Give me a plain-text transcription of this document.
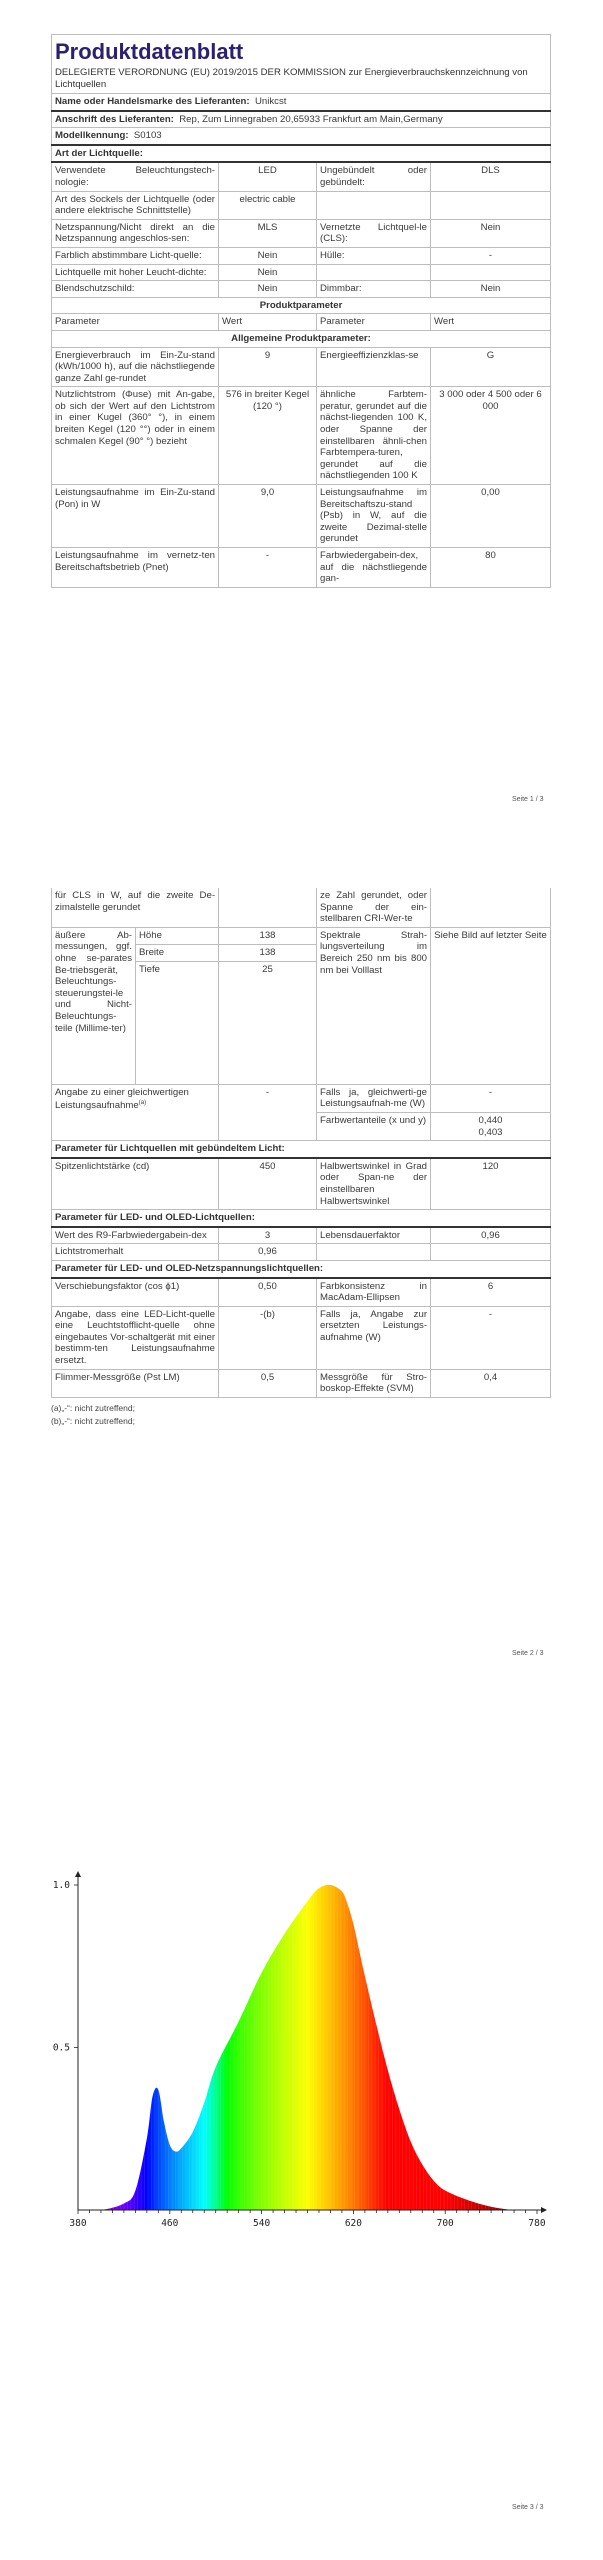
Produktdatenblatt
DELEGIERTE VERORDNUNG (EU) 2019/2015 DER KOMMISSION zur Energieverbrauchskennzeichnung von Lichtquellen			

Name oder Handelsmarke des Lieferanten: Unikcst			
Anschrift des Lieferanten: Rep, Zum Linnegraben 20,65933 Frankfurt am Main,Germany			
Modellkennung: S0103			
Art der Lichtquelle:			
Verwendete Beleuchtungstech-nologie:	LED	Ungebündelt oder gebündelt:	DLS
Art des Sockels der Lichtquelle (oder andere elektrische Schnittstelle)	electric cable		
Netzspannung/Nicht direkt an die Netzspannung angeschlos-sen:	MLS	Vernetzte Lichtquel-le (CLS):	Nein
Farblich abstimmbare Licht-quelle:	Nein	Hülle:	-
Lichtquelle mit hoher Leucht-dichte:	Nein		
Blendschutzschild:	Nein	Dimmbar:	Nein
Produktparameter			
Parameter	Wert	Parameter	Wert
Allgemeine Produktparameter:			
Energieverbrauch im Ein-Zu-stand (kWh/1000 h), auf die nächstliegende ganze Zahl ge-rundet	9	Energieeffizienzklas-se	G
Nutzlichtstrom (Φuse) mit An-gabe, ob sich der Wert auf den Lichtstrom in einer Kugel (360° °), in einem breiten Kegel (120 °°) oder in einem schmalen Kegel (90° °) bezieht	576 in breiter Kegel (120 °)	ähnliche Farbtem-peratur, gerundet auf die nächst-liegenden 100 K, oder Spanne der einstellbaren ähnli-chen Farbtempera-turen, gerundet auf die nächstliegenden 100 K	3 000 oder 4 500 oder 6 000
Leistungsaufnahme im Ein-Zu-stand (Pon) in W	9,0	Leistungsaufnahme im Bereitschaftszu-stand (Psb) in W, auf die zweite Dezimal-stelle gerundet	0,00
Leistungsaufnahme im vernetz-ten Bereitschaftsbetrieb (Pnet)	-	Farbwiedergabein-dex, auf die nächstliegende gan-	80
Seite 1 / 3
für CLS in W, auf die zweite De-zimalstelle gerundet			ze Zahl gerundet, oder Spanne der ein-stellbaren CRI-Wer-te	
äußere Ab-messungen, ggf. ohne se-parates Be-triebsgerät, Beleuchtungs-steuerungstei-le und Nicht-Beleuchtungs-teile (Millime-ter)	Höhe	138	Spektrale Strah-lungsverteilung im Bereich 250 nm bis 800 nm bei Volllast	Siehe Bild auf letzter Seite
	Breite	138		
	Tiefe	25		
Angabe zu einer gleichwertigen Leistungsaufnahme$^{(a)}$		-	Falls ja, gleichwerti-ge Leistungsaufnah-me (W)	-
			Farbwertanteile (x und y)	0,440
0,403

Parameter für Lichtquellen mit gebündeltem Licht:				
Spitzenlichtstärke (cd)		450	Halbwertswinkel in Grad oder Span-ne der einstellbaren Halbwertswinkel	120
Parameter für LED- und OLED-Lichtquellen:				
Wert des R9-Farbwiedergabein-dex		3	Lebensdauerfaktor	0,96
Lichtstromerhalt		0,96		
Parameter für LED- und OLED-Netzspannungslichtquellen:				
Verschiebungsfaktor (cos ϕ1)		0,50	Farbkonsistenz in MacAdam-Ellipsen	6
Angabe, dass eine LED-Licht-quelle eine Leuchtstofflicht-quelle ohne eingebautes Vor-schaltgerät mit einer bestimm-ten Leistungsaufnahme ersetzt.		-(b)	Falls ja, Angabe zur ersetzten Leistungs-aufnahme (W)	-
Flimmer-Messgröße (Pst LM)		0,5	Messgröße für Stro-boskop-Effekte (SVM)	0,4
(a)„-“: nicht zutreffend;
(b)„-“: nicht zutreffend;
Seite 2 / 3
380	460	540	620	700	780
0.5
1.0
Seite 3 / 3
